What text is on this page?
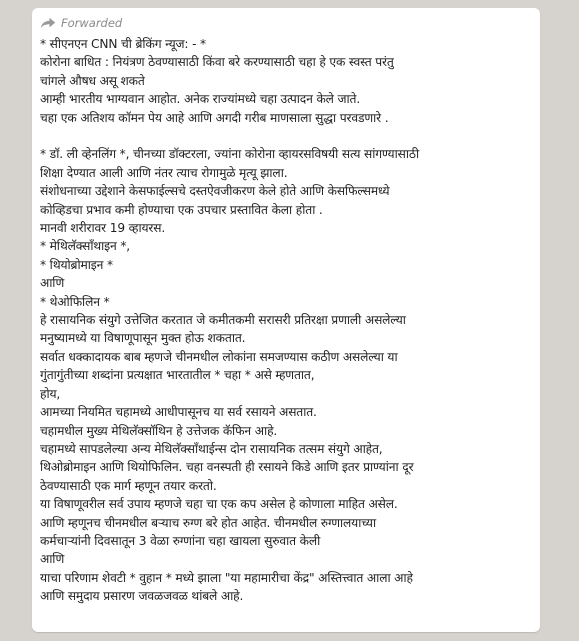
Forwarded
* सीएनएन CNN ची ब्रेकिंग न्यूज: - *
कोरोना बाधित : नियंत्रण ठेवण्यासाठी किंवा बरे करण्यासाठी चहा हे एक स्वस्त परंतु
चांगले औषध असू शकते
आम्ही भारतीय भाग्यवान आहोत. अनेक राज्यांमध्ये चहा उत्पादन केले जाते.
चहा एक अतिशय कॉमन पेय आहे आणि अगदी गरीब माणसाला सुद्धा परवडणारे .
* डॉ. ली व्हेनलिंग *, चीनच्या डॉक्टरला, ज्यांना कोरोना व्हायरसविषयी सत्य सांगण्यासाठी
शिक्षा देण्यात आली आणि नंतर त्याच रोगामुळे मृत्यू झाला.
संशोधनाच्या उद्देशाने केसफाईल्सचे दस्तऐवजीकरण केले होते आणि केसफिल्समध्ये
कोव्हिडचा प्रभाव कमी होण्याचा एक उपचार प्रस्तावित केला होता .
मानवी शरीरावर 19 व्हायरस.
* मेथिलॅक्साँथाइन *,
* थियोब्रोमाइन *
आणि
* थेओफिलिन *
हे रासायनिक संयुगे उत्तेजित करतात जे कमीतकमी सरासरी प्रतिरक्षा प्रणाली असलेल्या
मनुष्यामध्ये या विषाणूपासून मुक्त होऊ शकतात.
सर्वात धक्कादायक बाब म्हणजे चीनमधील लोकांना समजण्यास कठीण असलेल्या या
गुंतागुंतीच्या शब्दांना प्रत्यक्षात भारतातील * चहा * असे म्हणतात,
होय,
आमच्या नियमित चहामध्ये आधीपासूनच या सर्व रसायने असतात.
चहामधील मुख्य मेथिलॅक्सॉथिन हे उत्तेजक कॅफिन आहे.
चहामध्ये सापडलेल्या अन्य मेथिलॅक्साँथाईन्स दोन रासायनिक तत्सम संयुगे आहेत,
थिओब्रोमाइन आणि थियोफिलिन. चहा वनस्पती ही रसायने किडे आणि इतर प्राण्यांना दूर
ठेवण्यासाठी एक मार्ग म्हणून तयार करतो.
या विषाणूवरील सर्व उपाय म्हणजे चहा चा एक कप असेल हे कोणाला माहित असेल.
आणि म्हणूनच चीनमधील बऱ्याच रुग्ण बरे होत आहेत. चीनमधील रुग्णालयाच्या
कर्मचाऱ्यांनी दिवसातून 3 वेळा रुग्णांना चहा खायला सुरुवात केली
आणि
याचा परिणाम शेवटी * वुहान * मध्ये झाला "या महामारीचा केंद्र" अस्तित्त्वात आला आहे
आणि समुदाय प्रसारण जवळजवळ थांबले आहे.
